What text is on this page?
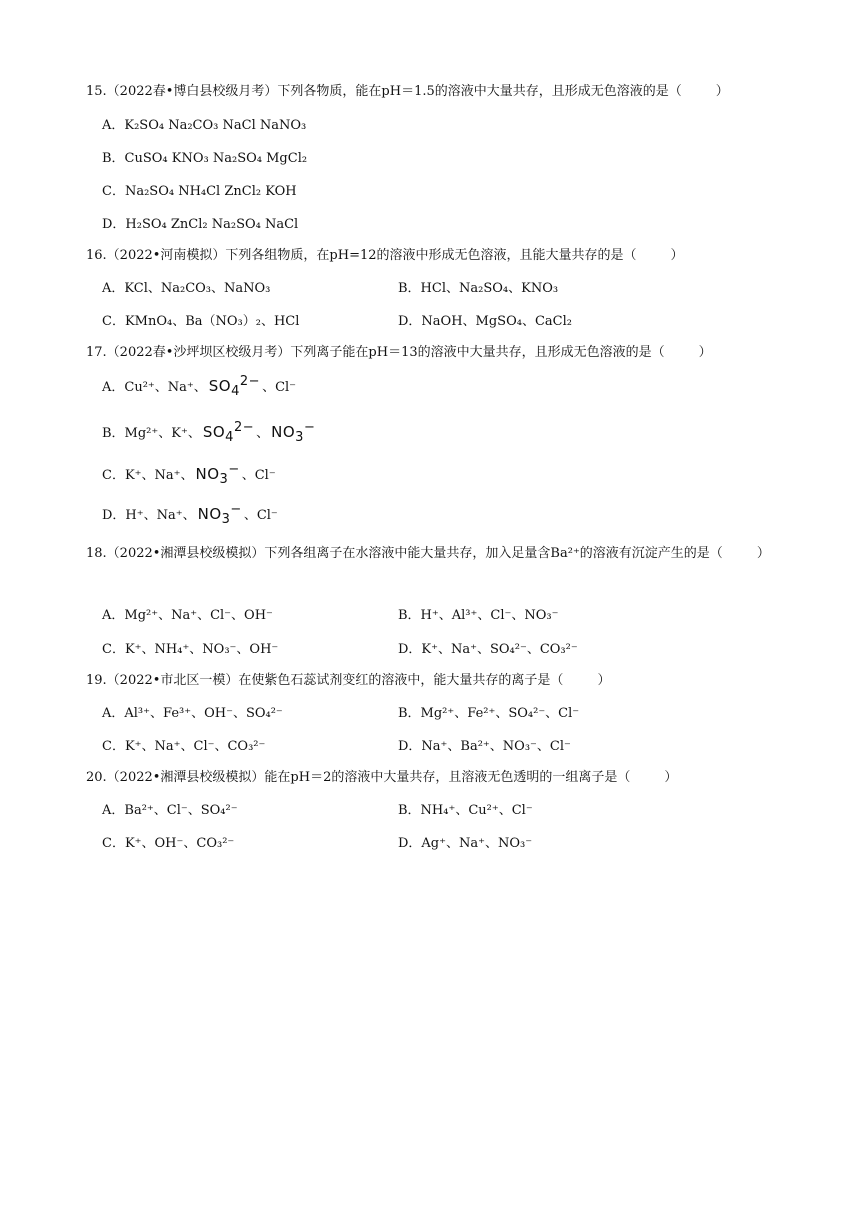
15.（2022春•博白县校级月考）下列各物质，能在pH＝1.5的溶液中大量共存，且形成无色溶液的是（	）
A．K₂SO₄ Na₂CO₃ NaCl NaNO₃
B．CuSO₄ KNO₃ Na₂SO₄ MgCl₂
C．Na₂SO₄ NH₄Cl ZnCl₂ KOH
D．H₂SO₄ ZnCl₂ Na₂SO₄ NaCl
16.（2022•河南模拟）下列各组物质，在pH=12的溶液中形成无色溶液，且能大量共存的是（	）
A．KCl、Na₂CO₃、NaNO₃	B．HCl、Na₂SO₄、KNO₃
C．KMnO₄、Ba（NO₃）₂、HCl	D．NaOH、MgSO₄、CaCl₂
17.（2022春•沙坪坝区校级月考）下列离子能在pH＝13的溶液中大量共存，且形成无色溶液的是（	）
A．Cu²⁺、Na⁺、 $SO_4^{2-}$ 、Cl⁻
B．Mg²⁺、K⁺、 $SO_4^{2-}$ 、 $NO_3^-$
C．K⁺、Na⁺、 $NO_3^-$ 、Cl⁻
D．H⁺、Na⁺、 $NO_3^-$ 、Cl⁻
18.（2022•湘潭县校级模拟）下列各组离子在水溶液中能大量共存，加入足量含Ba²⁺的溶液有沉淀产生的是（	）
A．Mg²⁺、Na⁺、Cl⁻、OH⁻	B．H⁺、Al³⁺、Cl⁻、NO₃⁻
C．K⁺、NH₄⁺、NO₃⁻、OH⁻	D．K⁺、Na⁺、SO₄²⁻、CO₃²⁻
19.（2022•市北区一模）在使紫色石蕊试剂变红的溶液中，能大量共存的离子是（	）
A．Al³⁺、Fe³⁺、OH⁻、SO₄²⁻	B．Mg²⁺、Fe²⁺、SO₄²⁻、Cl⁻
C．K⁺、Na⁺、Cl⁻、CO₃²⁻	D．Na⁺、Ba²⁺、NO₃⁻、Cl⁻
20.（2022•湘潭县校级模拟）能在pH＝2的溶液中大量共存，且溶液无色透明的一组离子是（	）
A．Ba²⁺、Cl⁻、SO₄²⁻	B．NH₄⁺、Cu²⁺、Cl⁻
C．K⁺、OH⁻、CO₃²⁻	D．Ag⁺、Na⁺、NO₃⁻
